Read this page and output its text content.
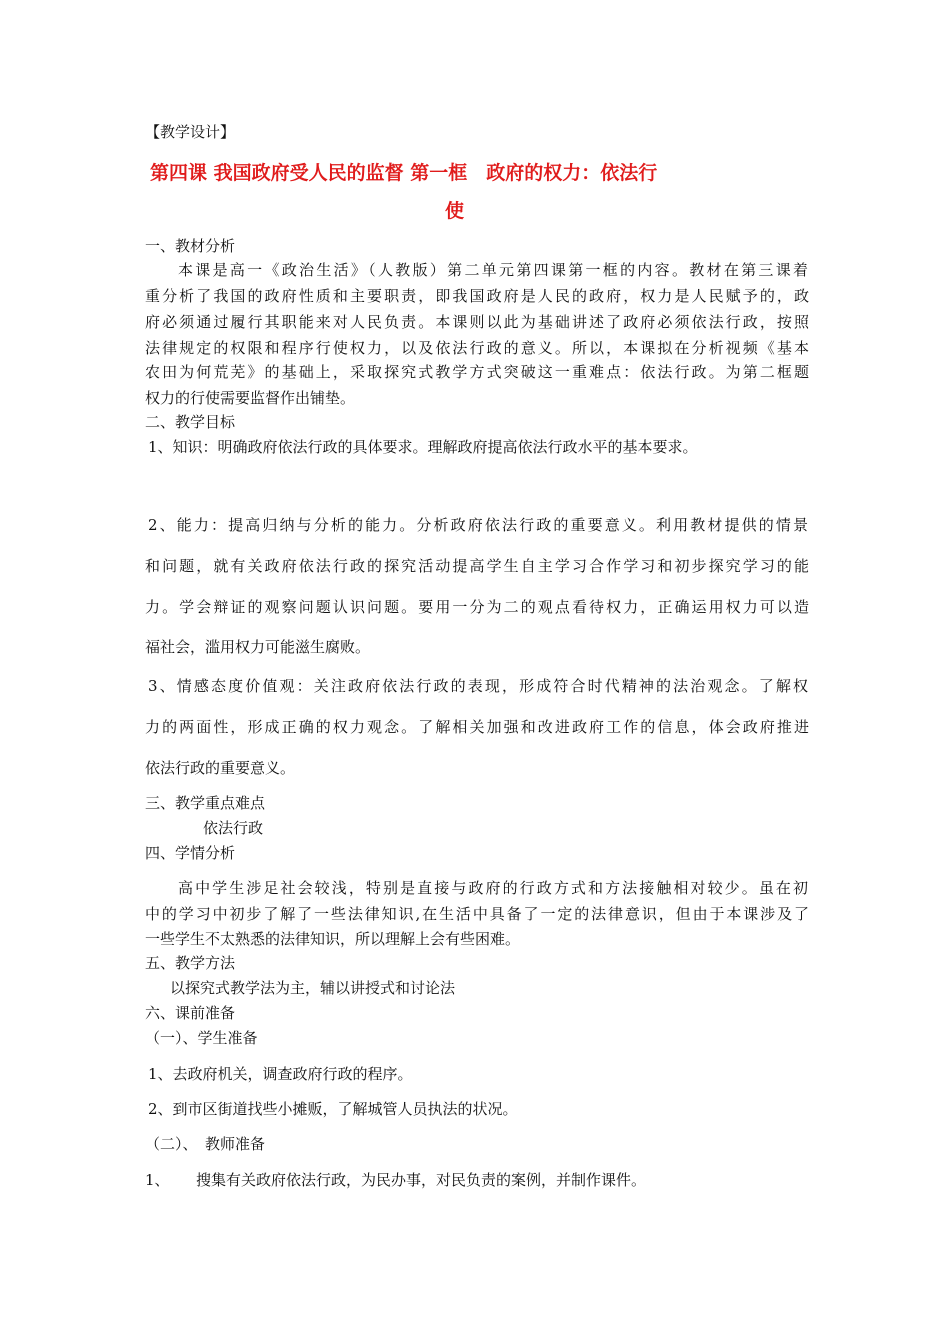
【教学设计】
第四课 我国政府受人民的监督 第一框　政府的权力：依法行
使
一、教材分析
本课是高一《政治生活》（人教版）第二单元第四课第一框的内容。教材在第三课着
重分析了我国的政府性质和主要职责，即我国政府是人民的政府，权力是人民赋予的，政
府必须通过履行其职能来对人民负责。本课则以此为基础讲述了政府必须依法行政，按照
法律规定的权限和程序行使权力，以及依法行政的意义。所以，本课拟在分析视频《基本
农田为何荒芜》的基础上，采取探究式教学方式突破这一重难点：依法行政。为第二框题
权力的行使需要监督作出铺垫。
二、教学目标
1、知识：明确政府依法行政的具体要求。理解政府提高依法行政水平的基本要求。
2、能力：提高归纳与分析的能力。分析政府依法行政的重要意义。利用教材提供的情景
和问题，就有关政府依法行政的探究活动提高学生自主学习合作学习和初步探究学习的能
力。学会辩证的观察问题认识问题。要用一分为二的观点看待权力，正确运用权力可以造
福社会，滥用权力可能滋生腐败。
3、情感态度价值观：关注政府依法行政的表现，形成符合时代精神的法治观念。了解权
力的两面性，形成正确的权力观念。了解相关加强和改进政府工作的信息，体会政府推进
依法行政的重要意义。
三、教学重点难点
依法行政
四、学情分析
高中学生涉足社会较浅，特别是直接与政府的行政方式和方法接触相对较少。虽在初
中的学习中初步了解了一些法律知识,在生活中具备了一定的法律意识，但由于本课涉及了
一些学生不太熟悉的法律知识，所以理解上会有些困难。
五、教学方法
以探究式教学法为主，辅以讲授式和讨论法
六、课前准备
（一）、学生准备
1、去政府机关，调查政府行政的程序。
2、到市区街道找些小摊贩，了解城管人员执法的状况。
（二）、　教师准备
1、 搜集有关政府依法行政，为民办事，对民负责的案例，并制作课件。
